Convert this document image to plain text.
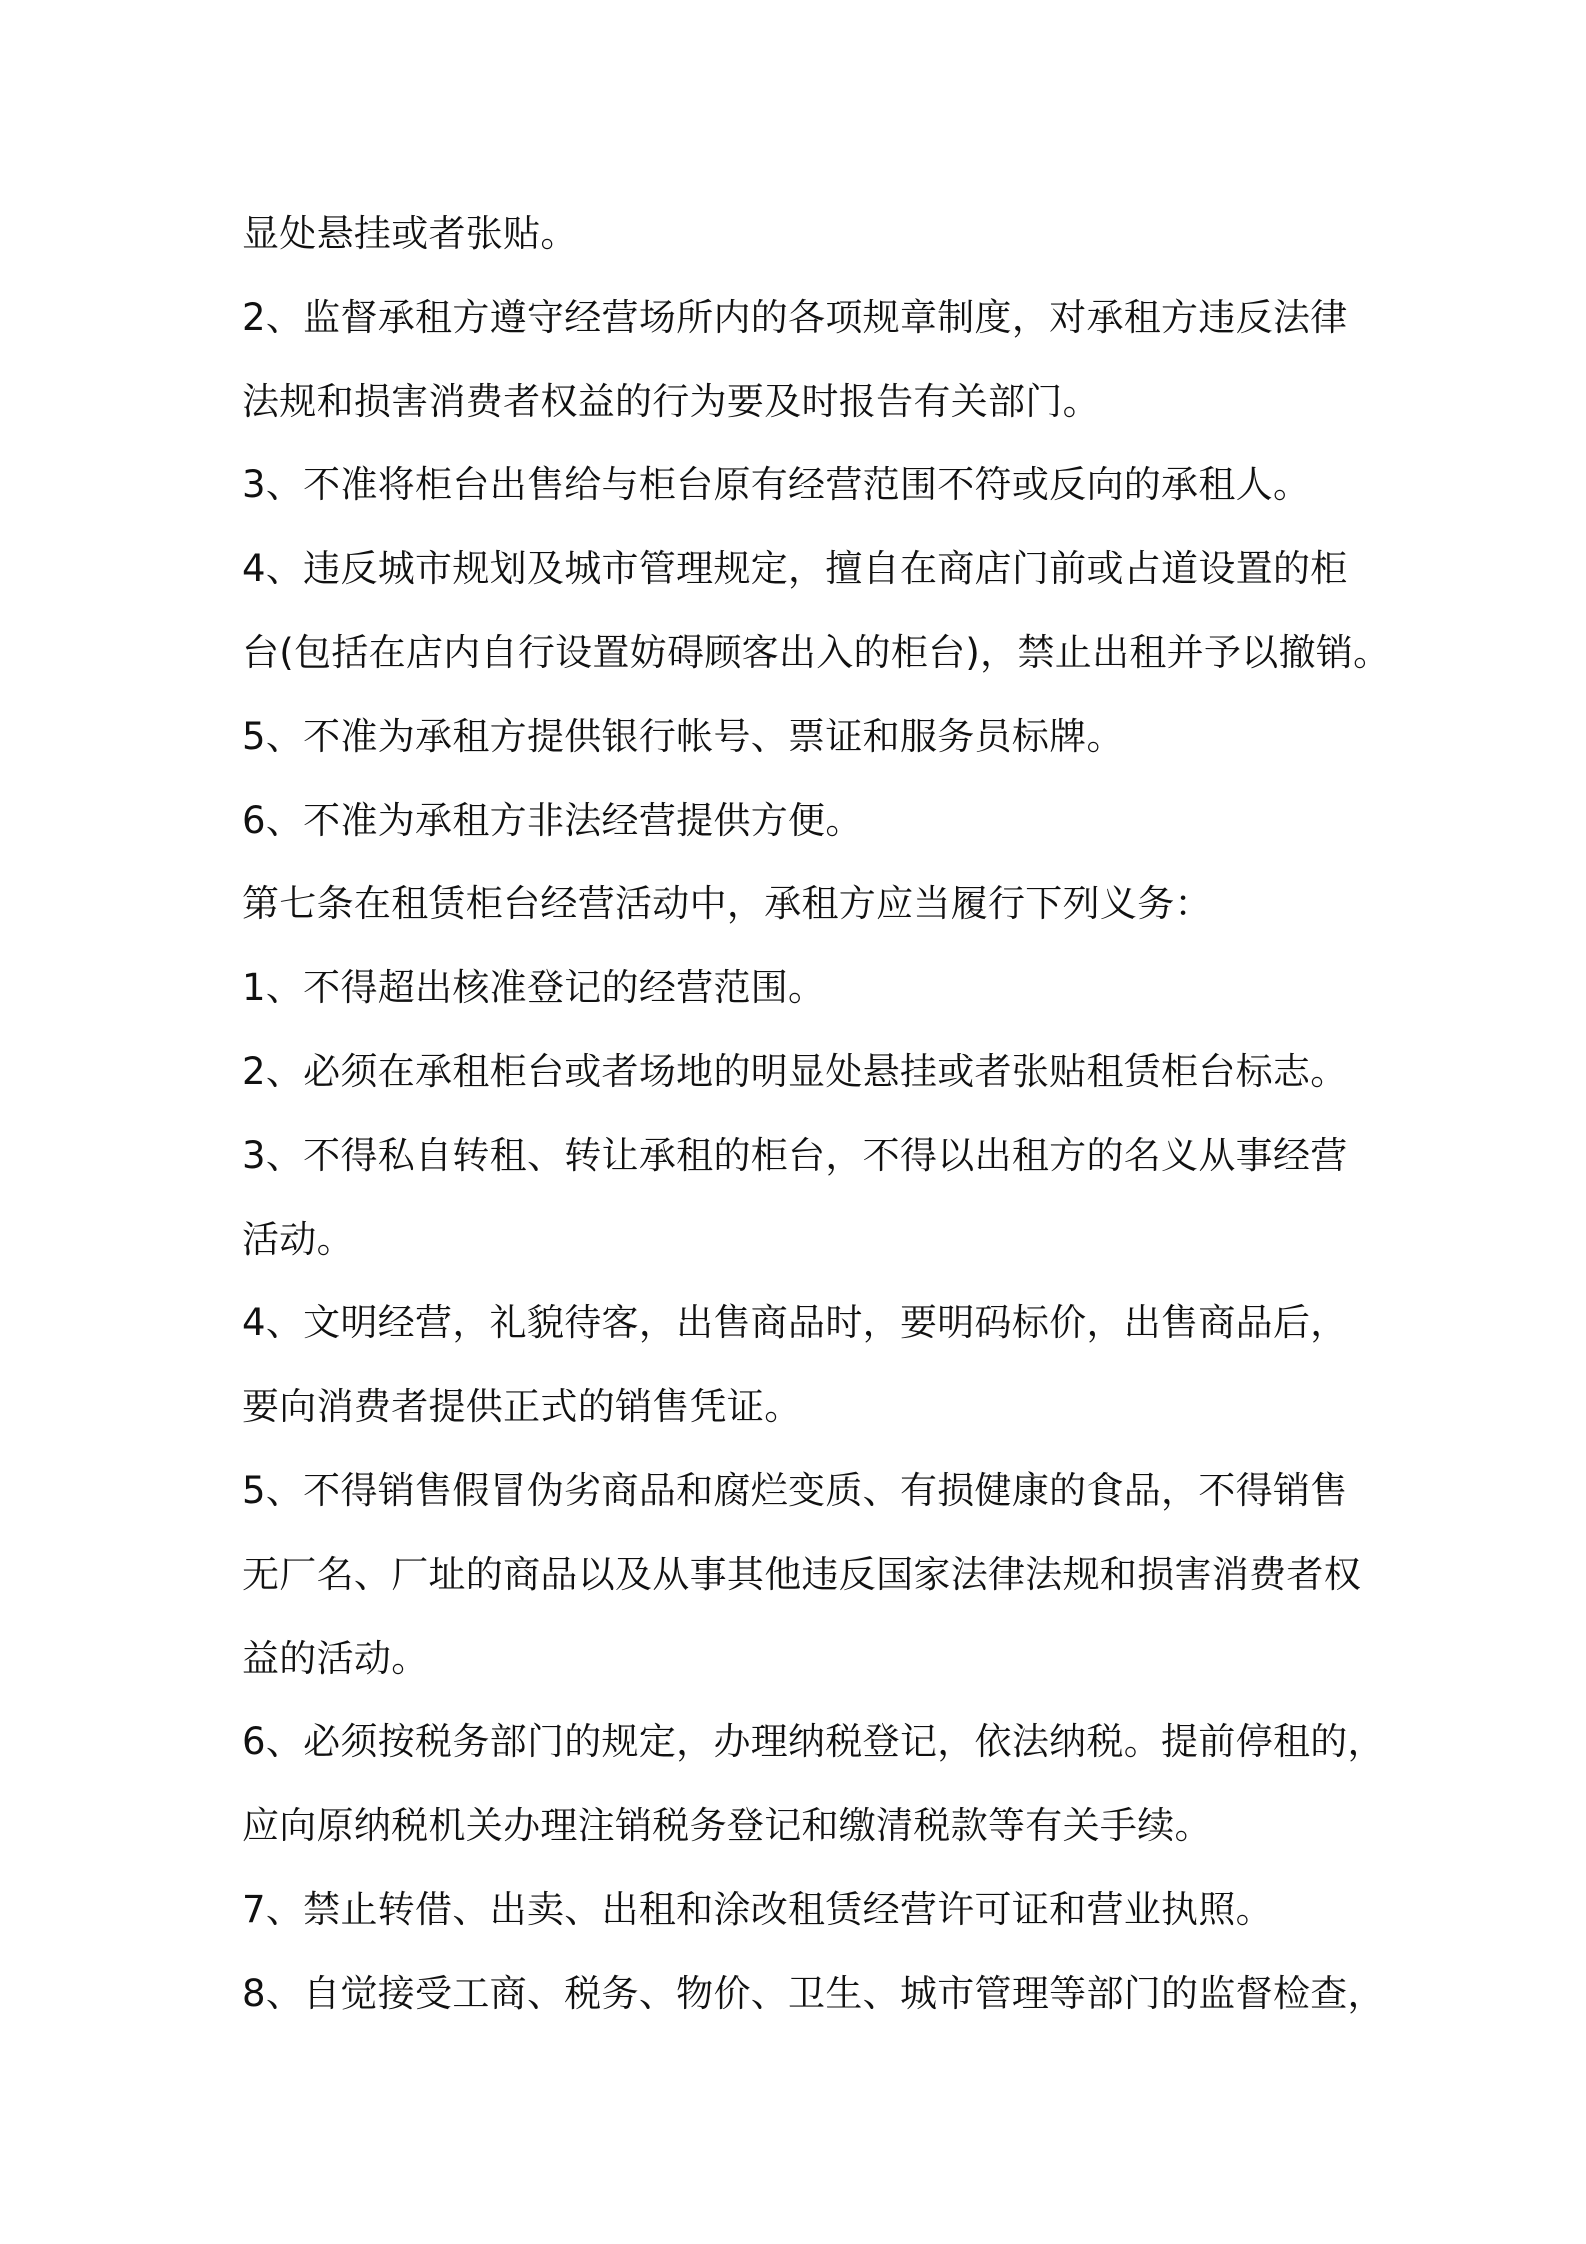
显处悬挂或者张贴。
2、监督承租方遵守经营场所内的各项规章制度，对承租方违反法律
法规和损害消费者权益的行为要及时报告有关部门。
3、不准将柜台出售给与柜台原有经营范围不符或反向的承租人。
4、违反城市规划及城市管理规定，擅自在商店门前或占道设置的柜
台(包括在店内自行设置妨碍顾客出入的柜台)，禁止出租并予以撤销。
5、不准为承租方提供银行帐号、票证和服务员标牌。
6、不准为承租方非法经营提供方便。
第七条在租赁柜台经营活动中，承租方应当履行下列义务：
1、不得超出核准登记的经营范围。
2、必须在承租柜台或者场地的明显处悬挂或者张贴租赁柜台标志。
3、不得私自转租、转让承租的柜台，不得以出租方的名义从事经营
活动。
4、文明经营，礼貌待客，出售商品时，要明码标价，出售商品后，
要向消费者提供正式的销售凭证。
5、不得销售假冒伪劣商品和腐烂变质、有损健康的食品，不得销售
无厂名、厂址的商品以及从事其他违反国家法律法规和损害消费者权
益的活动。
6、必须按税务部门的规定，办理纳税登记，依法纳税。提前停租的，
应向原纳税机关办理注销税务登记和缴清税款等有关手续。
7、禁止转借、出卖、出租和涂改租赁经营许可证和营业执照。
8、自觉接受工商、税务、物价、卫生、城市管理等部门的监督检查，
